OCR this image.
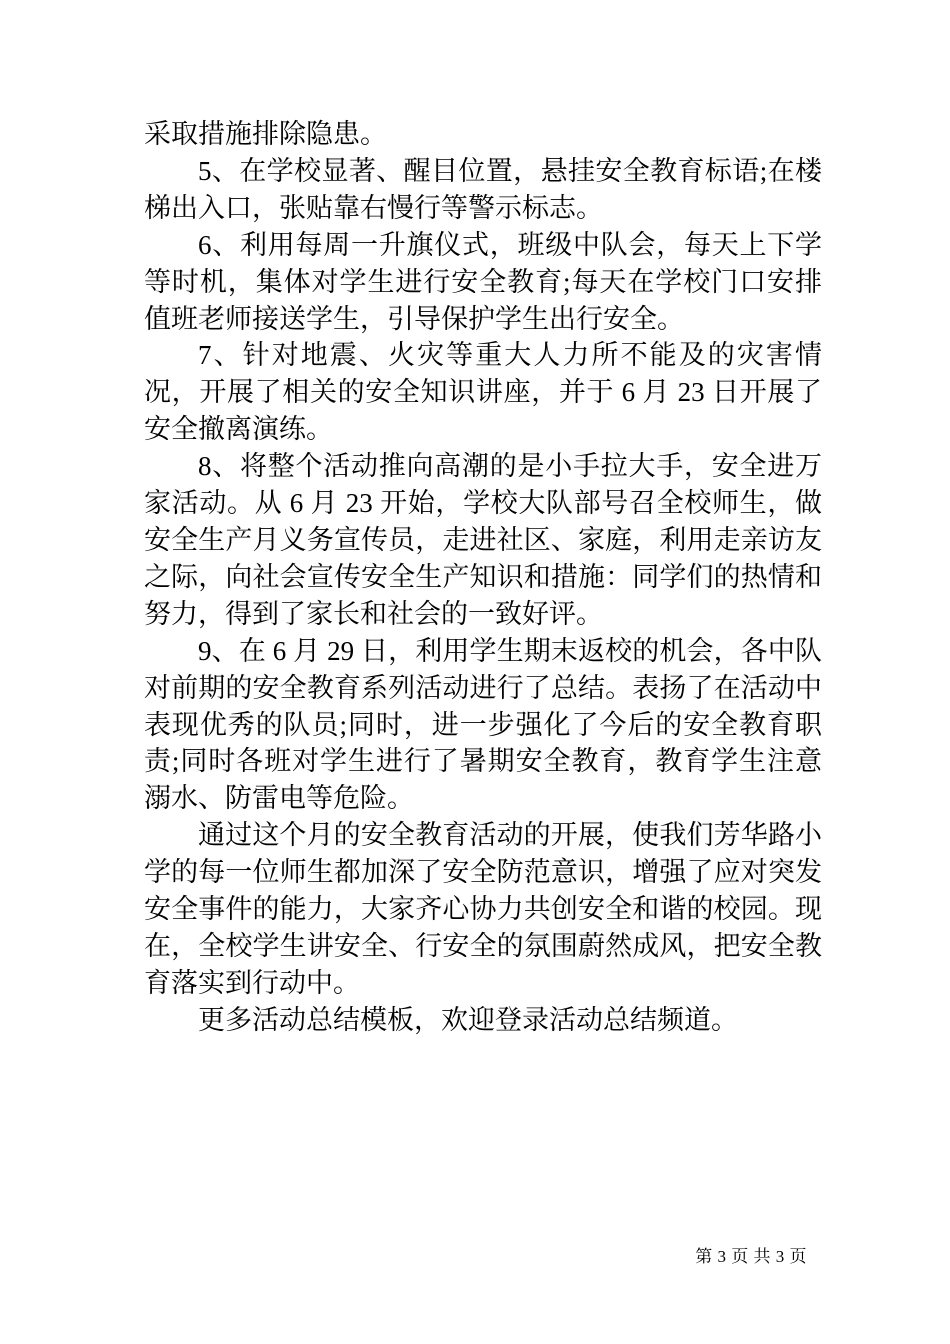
采取措施排除隐患。

5、在学校显著、醒目位置，悬挂安全教育标语;在楼梯出入口，张贴靠右慢行等警示标志。

6、利用每周一升旗仪式，班级中队会，每天上下学等时机，集体对学生进行安全教育;每天在学校门口安排值班老师接送学生，引导保护学生出行安全。

7、针对地震、火灾等重大人力所不能及的灾害情况，开展了相关的安全知识讲座，并于 6 月 23 日开展了安全撤离演练。

8、将整个活动推向高潮的是小手拉大手，安全进万家活动。从 6 月 23 开始，学校大队部号召全校师生，做安全生产月义务宣传员，走进社区、家庭，利用走亲访友之际，向社会宣传安全生产知识和措施：同学们的热情和努力，得到了家长和社会的一致好评。

9、在 6 月 29 日，利用学生期末返校的机会，各中队对前期的安全教育系列活动进行了总结。表扬了在活动中表现优秀的队员;同时，进一步强化了今后的安全教育职责;同时各班对学生进行了暑期安全教育，教育学生注意溺水、防雷电等危险。

通过这个月的安全教育活动的开展，使我们芳华路小学的每一位师生都加深了安全防范意识，增强了应对突发安全事件的能力，大家齐心协力共创安全和谐的校园。现在，全校学生讲安全、行安全的氛围蔚然成风，把安全教育落实到行动中。

更多活动总结模板，欢迎登录活动总结频道。

第 3 页 共 3 页
